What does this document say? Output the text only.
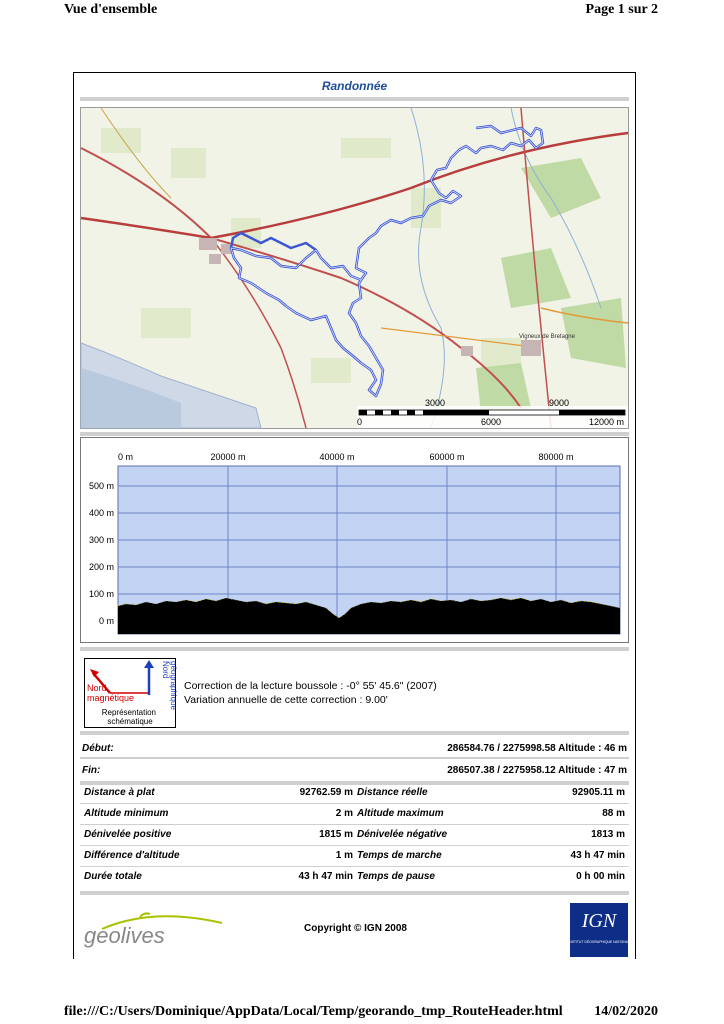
Vue d'ensemble	Page 1 sur 2
Randonnée
Vigneux de Bretagne
3000	9000
0	6000	12000 m
0 m	20000 m	40000 m	60000 m	80000 m
500 m
400 m
300 m
200 m
100 m
0 m
Nord magnétique
Nord géographique
Représentation schématique
Correction de la lecture boussole : -0° 55' 45.6" (2007)
Variation annuelle de cette correction : 9.00'
Début:	286584.76 / 2275998.58 Altitude : 46 m
Fin:	286507.38 / 2275958.12 Altitude : 47 m
Distance à plat	92762.59 m Distance réelle	92905.11 m
Altitude minimum	2 m Altitude maximum	88 m
Dénivelée positive	1815 m Dénivelée négative	1813 m
Différence d'altitude	1 m Temps de marche	43 h 47 min
Durée totale	43 h 47 min Temps de pause	0 h 00 min
geolives	Copyright © IGN 2008	IGN
INSTITUT GÉOGRAPHIQUE NATIONAL
file:///C:/Users/Dominique/AppData/Local/Temp/georando_tmp_RouteHeader.html 14/02/2020
